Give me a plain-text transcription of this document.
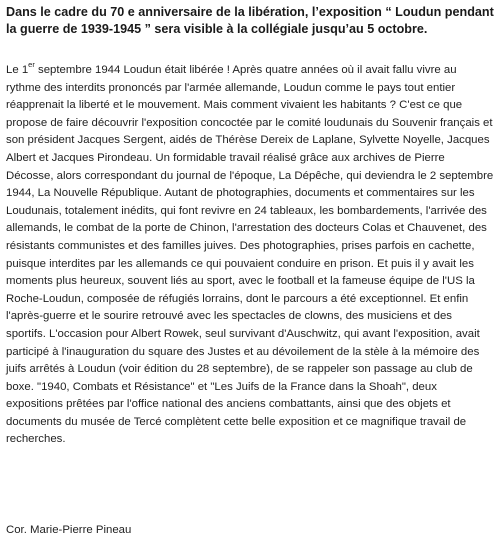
Dans le cadre du 70 e anniversaire de la libération, l’exposition “ Loudun pendant la guerre de 1939-1945 ” sera visible à la collégiale jusqu’au 5 octobre.

Le 1er septembre 1944 Loudun était libérée ! Après quatre années où il avait fallu vivre au rythme des interdits prononcés par l'armée allemande, Loudun comme le pays tout entier réapprenait la liberté et le mouvement. Mais comment vivaient les habitants ? C'est ce que propose de faire découvrir l'exposition concoctée par le comité loudunais du Souvenir français et son président Jacques Sergent, aidés de Thérèse Dereix de Laplane, Sylvette Noyelle, Jacques Albert et Jacques Pirondeau. Un formidable travail réalisé grâce aux archives de Pierre Décosse, alors correspondant du journal de l'époque, La Dépêche, qui deviendra le 2 septembre 1944, La Nouvelle République. Autant de photographies, documents et commentaires sur les Loudunais, totalement inédits, qui font revivre en 24 tableaux, les bombardements, l'arrivée des allemands, le combat de la porte de Chinon, l'arrestation des docteurs Colas et Chauvenet, des résistants communistes et des familles juives. Des photographies, prises parfois en cachette, puisque interdites par les allemands ce qui pouvaient conduire en prison. Et puis il y avait les moments plus heureux, souvent liés au sport, avec le football et la fameuse équipe de l'US la Roche-Loudun, composée de réfugiés lorrains, dont le parcours a été exceptionnel. Et enfin l'après-guerre et le sourire retrouvé avec les spectacles de clowns, des musiciens et des sportifs. L'occasion pour Albert Rowek, seul survivant d'Auschwitz, qui avant l'exposition, avait participé à l'inauguration du square des Justes et au dévoilement de la stèle à la mémoire des juifs arrêtés à Loudun (voir édition du 28 septembre), de se rappeler son passage au club de boxe. "1940, Combats et Résistance" et "Les Juifs de la France dans la Shoah", deux expositions prêtées par l'office national des anciens combattants, ainsi que des objets et documents du musée de Tercé complètent cette belle exposition et ce magnifique travail de recherches.

Cor. Marie-Pierre Pineau
